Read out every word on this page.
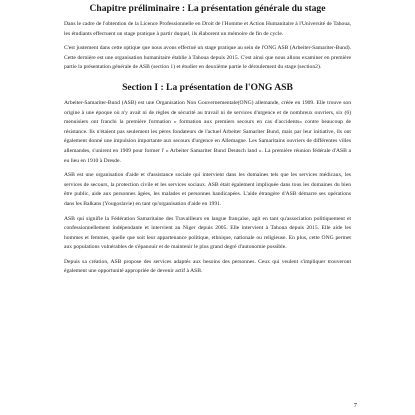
Chapitre préliminaire : La présentation générale du stage

Dans le cadre de l'obtention de la Licence Professionnelle en Droit de l'Homme et Action Humanitaire à l'Université de Tahoua, les étudiants effectuent un stage pratique à partir duquel, ils élaborent un mémoire de fin de cycle.

C'est justement dans cette optique que nous avons effectué un stage pratique au sein de l'ONG ASB (Arbeiter-Samariter-Bund). Cette dernière est une organisation humanitaire établie à Tahoua depuis 2015. C'est ainsi que nous allons examiner en première partie la présentation générale de ASB (section 1) et étudier en deuxième partie le déroulement du stage (section2).

Section I : La présentation de l'ONG ASB

Arbeiter-Samariter-Bund (ASB) est une Organisation Non Gouvernementale(ONG) allemande, créée en 1909. Elle trouve son origine à une époque où n'y avait ni de règles de sécurité au travail ni de services d'urgence et de nombreux ouvriers, six (6) menuisiers ont franchi la première formation « formation aux premiers secours en cas d'accidents» contre beaucoup de résistance. Ils n'étaient pas seulement les pères fondateurs de l'actuel Arbeiter Samariter Bund, mais par leur initiative, ils ont également donné une impulsion importante aux secours d'urgence en Allemagne. Les Samaritains ouvriers de différentes villes allemandes, s'unirent en 1909 pour former l' « Arbeiter Samariter Bund Deutsch land ». La première réunion fédérale d'ASB a eu lieu en 1910 à Dresde.

ASB est une organisation d'aide et d'assistance sociale qui intervient dans les domaines tels que les services médicaux, les services de secours, la protection civile et les services sociaux. ASB était également impliquée dans tous les domaines du bien être public, aide aux personnes âgées, les malades et personnes handicapées. L'aide étrangère d'ASB démarre ses opérations dans les Balkans (Yougoslavie) en tant qu'organisation d'aide en 1991.

ASB qui signifie la Fédération Samaritaine des Travailleurs en langue française, agit en tant qu'association politiquement et confessionnellement indépendante et intervient au Niger depuis 2005. Elle intervient à Tahoua depuis 2015. Elle aide les hommes et femmes, quelle que soit leur appartenance politique, ethnique, nationale ou religieuse. En plus, cette ONG permet aux populations vulnérables de s'épanouir et de maintenir le plus grand degré d'autonomie possible.

Depuis sa création, ASB propose des services adaptés aux besoins des personnes. Ceux qui veulent s'impliquer trouveront également une opportunité appropriée de devenir actif à ASB.

7
